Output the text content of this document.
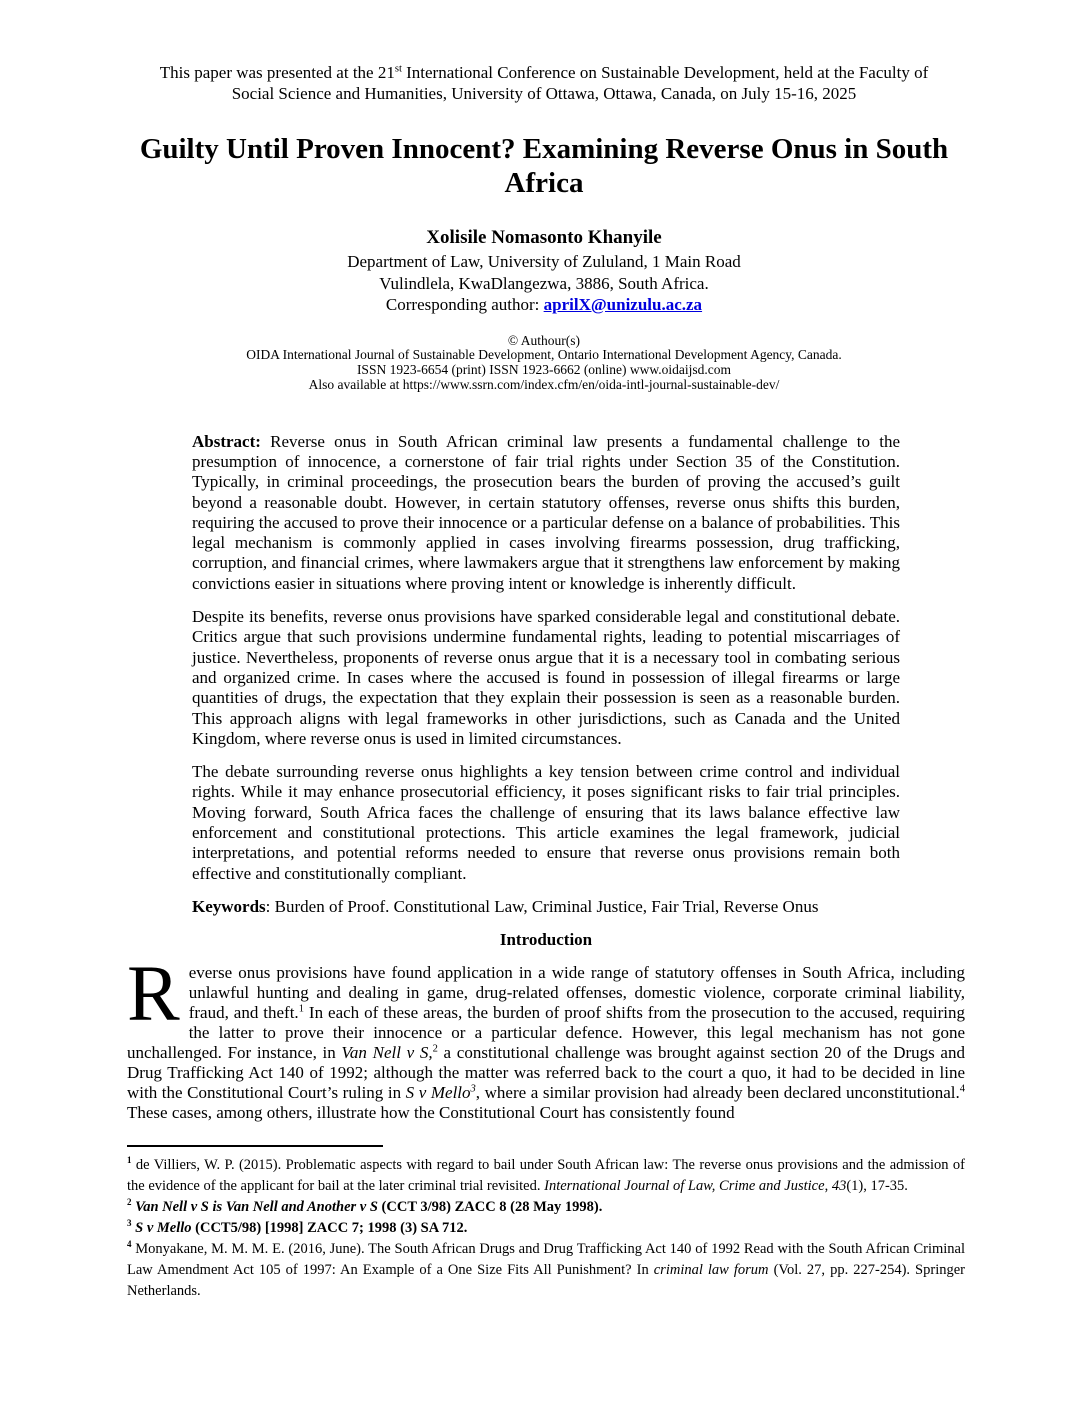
This paper was presented at the 21st International Conference on Sustainable Development, held at the Faculty of Social Science and Humanities, University of Ottawa, Ottawa, Canada, on July 15-16, 2025
Guilty Until Proven Innocent? Examining Reverse Onus in South Africa
Xolisile Nomasonto Khanyile
Department of Law, University of Zululand, 1 Main Road
Vulindlela, KwaDlangezwa, 3886, South Africa.
Corresponding author: aprilX@unizulu.ac.za
© Authour(s)
OIDA International Journal of Sustainable Development, Ontario International Development Agency, Canada.
ISSN 1923-6654 (print) ISSN 1923-6662 (online) www.oidaijsd.com
Also available at https://www.ssrn.com/index.cfm/en/oida-intl-journal-sustainable-dev/

Abstract: Reverse onus in South African criminal law presents a fundamental challenge to the presumption of innocence, a cornerstone of fair trial rights under Section 35 of the Constitution. Typically, in criminal proceedings, the prosecution bears the burden of proving the accused’s guilt beyond a reasonable doubt. However, in certain statutory offenses, reverse onus shifts this burden, requiring the accused to prove their innocence or a particular defense on a balance of probabilities. This legal mechanism is commonly applied in cases involving firearms possession, drug trafficking, corruption, and financial crimes, where lawmakers argue that it strengthens law enforcement by making convictions easier in situations where proving intent or knowledge is inherently difficult.

Despite its benefits, reverse onus provisions have sparked considerable legal and constitutional debate. Critics argue that such provisions undermine fundamental rights, leading to potential miscarriages of justice. Nevertheless, proponents of reverse onus argue that it is a necessary tool in combating serious and organized crime. In cases where the accused is found in possession of illegal firearms or large quantities of drugs, the expectation that they explain their possession is seen as a reasonable burden. This approach aligns with legal frameworks in other jurisdictions, such as Canada and the United Kingdom, where reverse onus is used in limited circumstances.

The debate surrounding reverse onus highlights a key tension between crime control and individual rights. While it may enhance prosecutorial efficiency, it poses significant risks to fair trial principles. Moving forward, South Africa faces the challenge of ensuring that its laws balance effective law enforcement and constitutional protections. This article examines the legal framework, judicial interpretations, and potential reforms needed to ensure that reverse onus provisions remain both effective and constitutionally compliant.

Keywords: Burden of Proof. Constitutional Law, Criminal Justice, Fair Trial, Reverse Onus

Introduction
Reverse onus provisions have found application in a wide range of statutory offenses in South Africa, including unlawful hunting and dealing in game, drug-related offenses, domestic violence, corporate criminal liability, fraud, and theft.$^1$ In each of these areas, the burden of proof shifts from the prosecution to the accused, requiring the latter to prove their innocence or a particular defence. However, this legal mechanism has not gone unchallenged. For instance, in Van Nell v S,$^2$ a constitutional challenge was brought against section 20 of the Drugs and Drug Trafficking Act 140 of 1992; although the matter was referred back to the court a quo, it had to be decided in line with the Constitutional Court’s ruling in S v Mello$^3$, where a similar provision had already been declared unconstitutional.$^4$ These cases, among others, illustrate how the Constitutional Court has consistently found
$^1$ de Villiers, W. P. (2015). Problematic aspects with regard to bail under South African law: The reverse onus provisions and the admission of the evidence of the applicant for bail at the later criminal trial revisited. International Journal of Law, Crime and Justice, 43(1), 17-35.
$^2$ Van Nell v S is Van Nell and Another v S (CCT 3/98) ZACC 8 (28 May 1998).
$^3$ S v Mello (CCT5/98) [1998] ZACC 7; 1998 (3) SA 712.
$^4$ Monyakane, M. M. M. E. (2016, June). The South African Drugs and Drug Trafficking Act 140 of 1992 Read with the South African Criminal Law Amendment Act 105 of 1997: An Example of a One Size Fits All Punishment? In criminal law forum (Vol. 27, pp. 227-254). Springer Netherlands.
